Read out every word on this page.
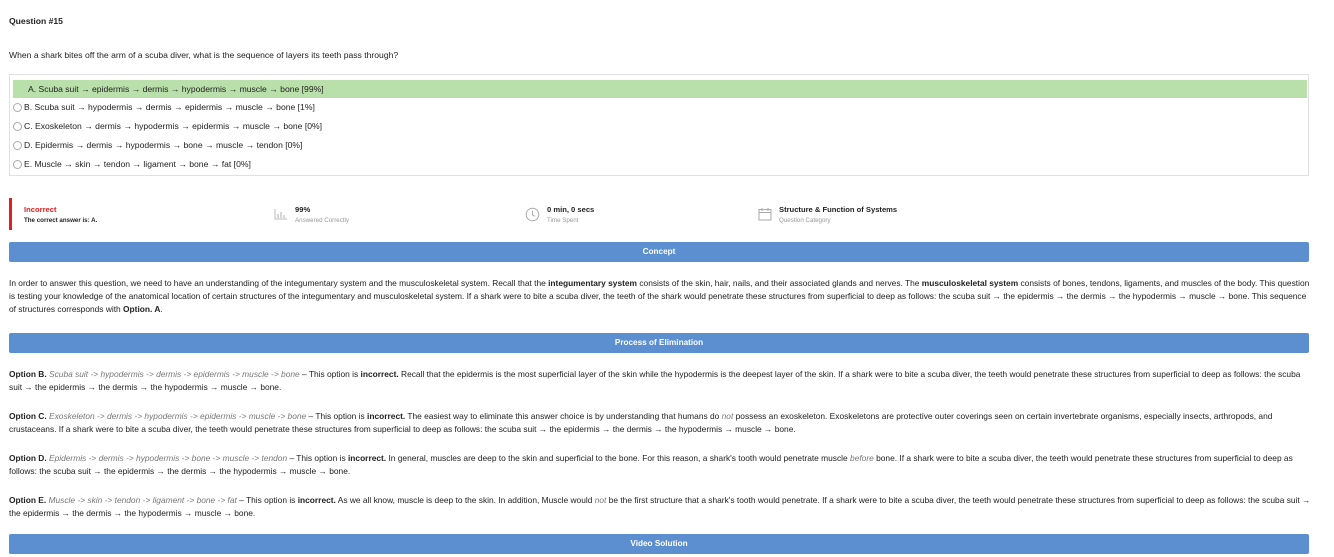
Question #15
When a shark bites off the arm of a scuba diver, what is the sequence of layers its teeth pass through?
A. Scuba suit → epidermis → dermis → hypodermis → muscle → bone [99%]
B. Scuba suit → hypodermis → dermis → epidermis → muscle → bone [1%]
C. Exoskeleton → dermis → hypodermis → epidermis → muscle → bone [0%]
D. Epidermis → dermis → hypodermis → bone → muscle → tendon [0%]
E. Muscle → skin → tendon → ligament → bone → fat [0%]
Incorrect
The correct answer is: A.
99%
Answered Correctly
0 min, 0 secs
Time Spent
Structure & Function of Systems
Question Category
Concept
In order to answer this question, we need to have an understanding of the integumentary system and the musculoskeletal system. Recall that the integumentary system consists of the skin, hair, nails, and their associated glands and nerves. The musculoskeletal system consists of bones, tendons, ligaments, and muscles of the body. This question is testing your knowledge of the anatomical location of certain structures of the integumentary and musculoskeletal system. If a shark were to bite a scuba diver, the teeth of the shark would penetrate these structures from superficial to deep as follows: the scuba suit → the epidermis → the dermis → the hypodermis → muscle → bone. This sequence of structures corresponds with Option. A.
Process of Elimination
Option B. Scuba suit -> hypodermis -> dermis -> epidermis -> muscle -> bone – This option is incorrect. Recall that the epidermis is the most superficial layer of the skin while the hypodermis is the deepest layer of the skin. If a shark were to bite a scuba diver, the teeth would penetrate these structures from superficial to deep as follows: the scuba suit → the epidermis → the dermis → the hypodermis → muscle → bone.
Option C. Exoskeleton -> dermis -> hypodermis -> epidermis -> muscle -> bone – This option is incorrect. The easiest way to eliminate this answer choice is by understanding that humans do not possess an exoskeleton. Exoskeletons are protective outer coverings seen on certain invertebrate organisms, especially insects, arthropods, and crustaceans. If a shark were to bite a scuba diver, the teeth would penetrate these structures from superficial to deep as follows: the scuba suit → the epidermis → the dermis → the hypodermis → muscle → bone.
Option D. Epidermis -> dermis -> hypodermis -> bone -> muscle -> tendon – This option is incorrect. In general, muscles are deep to the skin and superficial to the bone. For this reason, a shark's tooth would penetrate muscle before bone. If a shark were to bite a scuba diver, the teeth would penetrate these structures from superficial to deep as follows: the scuba suit → the epidermis → the dermis → the hypodermis → muscle → bone.
Option E. Muscle -> skin -> tendon -> ligament -> bone -> fat – This option is incorrect. As we all know, muscle is deep to the skin. In addition, Muscle would not be the first structure that a shark's tooth would penetrate. If a shark were to bite a scuba diver, the teeth would penetrate these structures from superficial to deep as follows: the scuba suit → the epidermis → the dermis → the hypodermis → muscle → bone.
Video Solution
